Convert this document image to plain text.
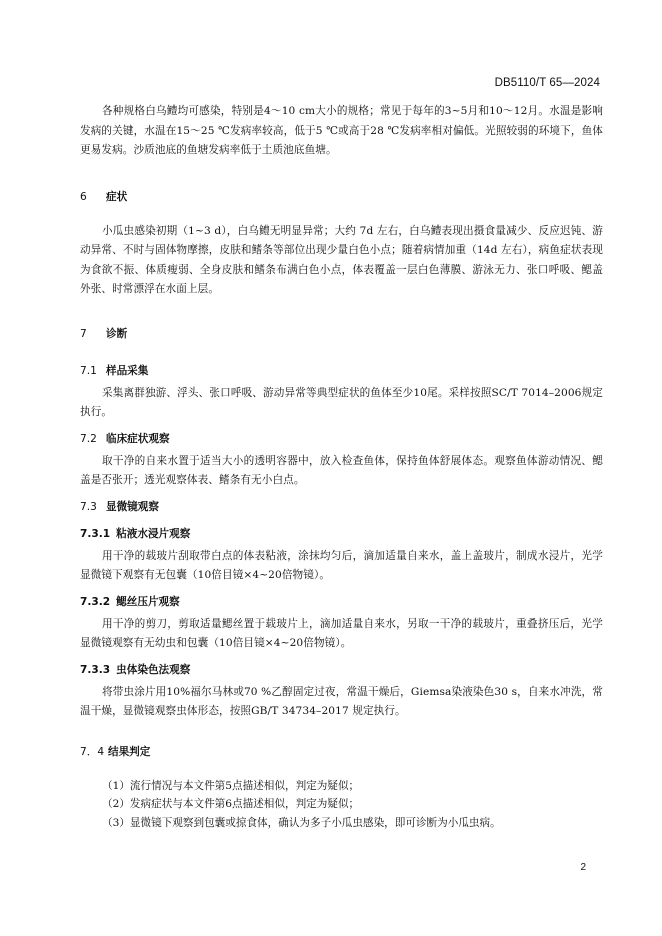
DB5110/T 65—2024

各种规格白乌鳢均可感染，特别是4～10 cm大小的规格；常见于每年的3~5月和10～12月。水温是影响发病的关键，水温在15～25 ℃发病率较高，低于5 ℃或高于28 ℃发病率相对偏低。光照较弱的环境下，鱼体更易发病。沙质池底的鱼塘发病率低于土质池底鱼塘。

6 症状

小瓜虫感染初期（1~3 d），白乌鳢无明显异常；大约 7d 左右，白乌鳢表现出摄食量减少、反应迟钝、游动异常、不时与固体物摩擦，皮肤和鳍条等部位出现少量白色小点；随着病情加重（14d 左右），病鱼症状表现为食欲不振、体质瘦弱、全身皮肤和鳍条布满白色小点，体表覆盖一层白色薄膜、游泳无力、张口呼吸、鳃盖外张、时常漂浮在水面上层。

7 诊断
7.1 样品采集

采集离群独游、浮头、张口呼吸、游动异常等典型症状的鱼体至少10尾。采样按照SC/T 7014–2006规定执行。

7.2 临床症状观察

取干净的自来水置于适当大小的透明容器中，放入检查鱼体，保持鱼体舒展体态。观察鱼体游动情况、鳃盖是否张开；透光观察体表、鳍条有无小白点。

7.3 显微镜观察
7.3.1 粘液水浸片观察

用干净的载玻片刮取带白点的体表粘液，涂抹均匀后，滴加适量自来水，盖上盖玻片，制成水浸片，光学显微镜下观察有无包囊（10倍目镜×4~20倍物镜）。

7.3.2 鳃丝压片观察

用干净的剪刀，剪取适量鳃丝置于载玻片上，滴加适量自来水，另取一干净的载玻片，重叠挤压后，光学显微镜观察有无幼虫和包囊（10倍目镜×4~20倍物镜）。

7.3.3 虫体染色法观察

将带虫涂片用10%福尔马林或70 %乙醇固定过夜，常温干燥后，Giemsa染液染色30 s，自来水冲洗，常温干燥，显微镜观察虫体形态，按照GB/T 34734–2017 规定执行。

7．4 结果判定

（1）流行情况与本文件第5点描述相似，判定为疑似；

（2）发病症状与本文件第6点描述相似，判定为疑似；

（3）显微镜下观察到包囊或掠食体，确认为多子小瓜虫感染，即可诊断为小瓜虫病。

2
